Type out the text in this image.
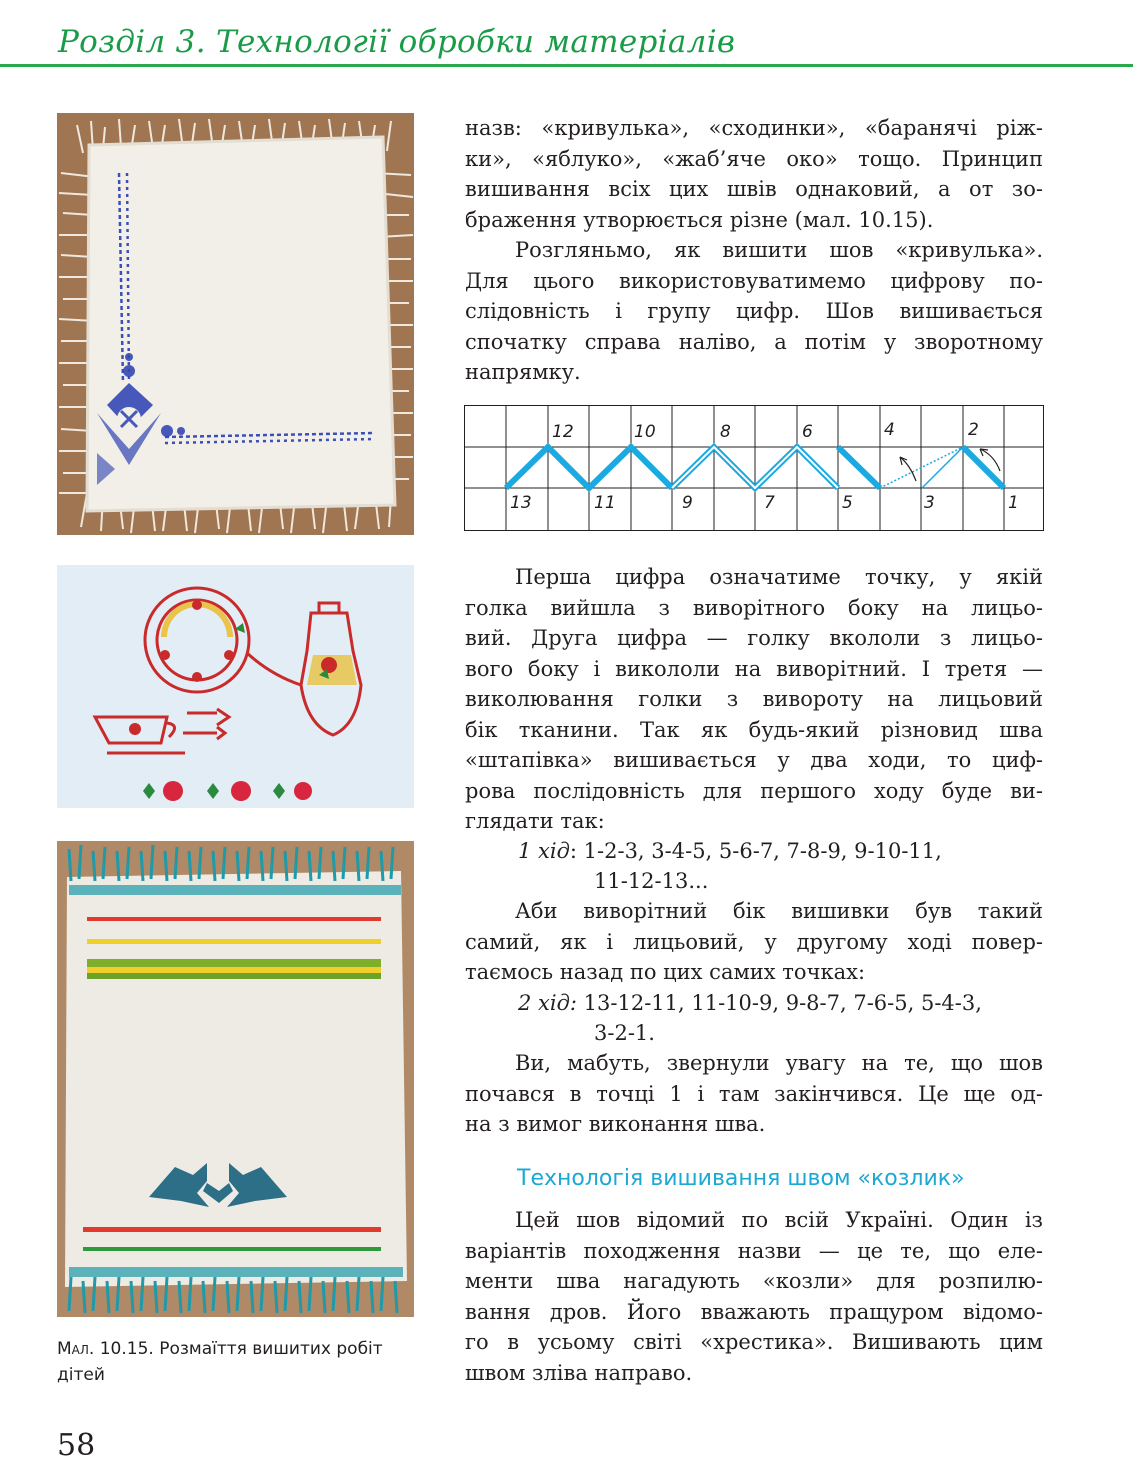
Розділ 3. Технології обробки матеріалів
назв: «кривулька», «сходинки», «баранячі ріж-
ки», «яблуко», «жаб’яче око» тощо. Принцип
вишивання всіх цих швів однаковий, а от зо-
браження утворюється різне (мал. 10.15).
Розгляньмо, як вишити шов «кривулька».
Для цього використовуватимемо цифрову по-
слідовність і групу цифр. Шов вишивається
спочатку справа наліво, а потім у зворотному
напрямку.
12	10	8	6	4	2
13	11	9	7	5	3	1
Перша цифра означатиме точку, у якій
голка вийшла з виворітного боку на лицьо-
вий. Друга цифра — голку вкололи з лицьо-
вого боку і викололи на виворітний. І третя —
виколювання голки з вивороту на лицьовий
бік тканини. Так як будь-який різновид шва
«штапівка» вишивається у два ходи, то циф-
рова послідовність для першого ходу буде ви-
глядати так:
1 хід: 1-2-3, 3-4-5, 5-6-7, 7-8-9, 9-10-11,
11-12-13...
Аби виворітний бік вишивки був такий
самий, як і лицьовий, у другому ході повер-
таємось назад по цих самих точках:
2 хід: 13-12-11, 11-10-9, 9-8-7, 7-6-5, 5-4-3,
3-2-1.
Ви, мабуть, звернули увагу на те, що шов
почався в точці 1 і там закінчився. Це ще од-
на з вимог виконання шва.
Технологія вишивання швом «козлик»
Цей шов відомий по всій Україні. Один із
варіантів походження назви — це те, що еле-
менти шва нагадують «козли» для розпилю-
вання дров. Його вважають пращуром відомо-
го в усьому світі «хрестика». Вишивають цим
швом зліва направо.
Мал. 10.15. Розмаїття вишитих робіт дітей
58
